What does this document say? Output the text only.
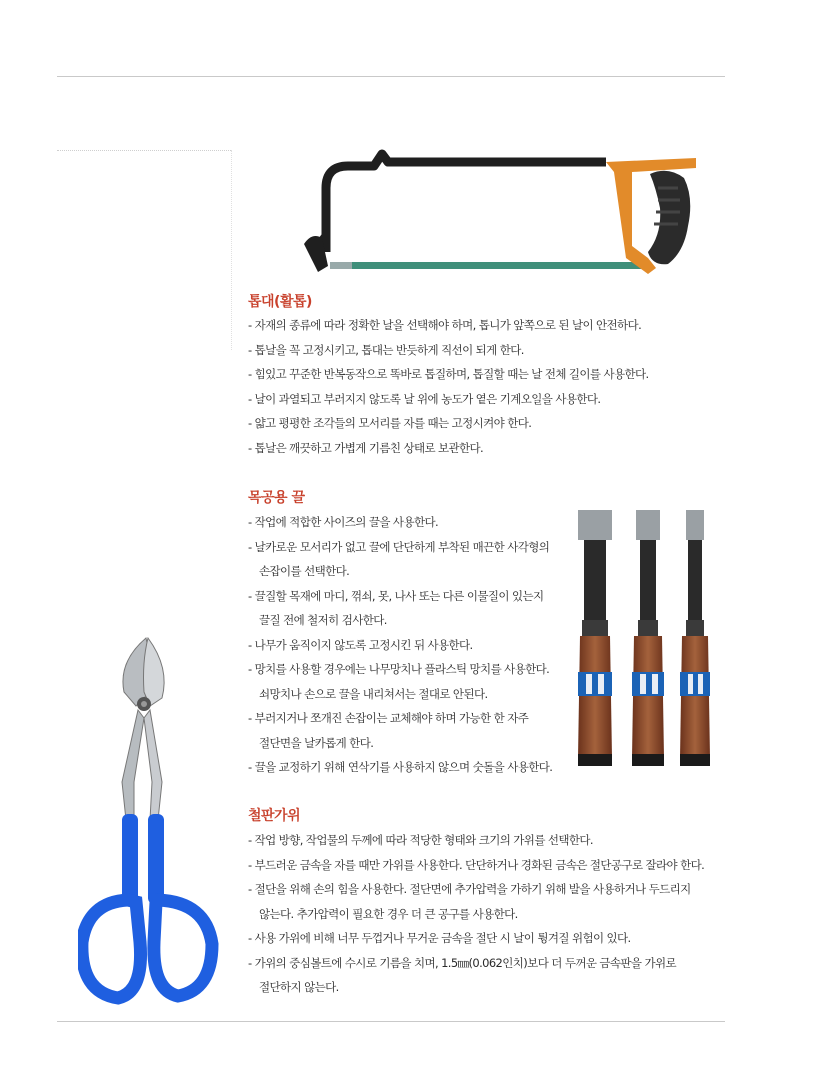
톱대(활톱)
- 자재의 종류에 따라 정확한 날을 선택해야 하며, 톱니가 앞쪽으로 된 날이 안전하다.
- 톱날을 꼭 고정시키고, 톱대는 반듯하게 직선이 되게 한다.
- 힘있고 꾸준한 반복동작으로 똑바로 톱질하며, 톱질할 때는 날 전체 길이를 사용한다.
- 날이 과열되고 부러지지 않도록 날 위에 농도가 옅은 기계오일을 사용한다.
- 얇고 평평한 조각들의 모서리를 자를 때는 고정시켜야 한다.
- 톱날은 깨끗하고 가볍게 기름친 상태로 보관한다.
목공용 끌
- 작업에 적합한 사이즈의 끌을 사용한다.
- 날카로운 모서리가 없고 끌에 단단하게 부착된 매끈한 사각형의
손잡이를 선택한다.
- 끌질할 목재에 마디, 꺾쇠, 못, 나사 또는 다른 이물질이 있는지
끌질 전에 철저히 검사한다.
- 나무가 움직이지 않도록 고정시킨 뒤 사용한다.
- 망치를 사용할 경우에는 나무망치나 플라스틱 망치를 사용한다.
쇠망치나 손으로 끌을 내리쳐서는 절대로 안된다.
- 부러지거나 쪼개진 손잡이는 교체해야 하며 가능한 한 자주
절단면을 날카롭게 한다.
- 끌을 교정하기 위해 연삭기를 사용하지 않으며 숫돌을 사용한다.
철판가위
- 작업 방향, 작업물의 두께에 따라 적당한 형태와 크기의 가위를 선택한다.
- 부드러운 금속을 자를 때만 가위를 사용한다. 단단하거나 경화된 금속은 절단공구로 잘라야 한다.
- 절단을 위해 손의 힘을 사용한다. 절단면에 추가압력을 가하기 위해 발을 사용하거나 두드리지
않는다. 추가압력이 필요한 경우 더 큰 공구를 사용한다.
- 사용 가위에 비해 너무 두껍거나 무거운 금속을 절단 시 날이 튕겨질 위험이 있다.
- 가위의 중심볼트에 수시로 기름을 치며, 1.5㎜(0.062인치)보다 더 두꺼운 금속판을 가위로
절단하지 않는다.
